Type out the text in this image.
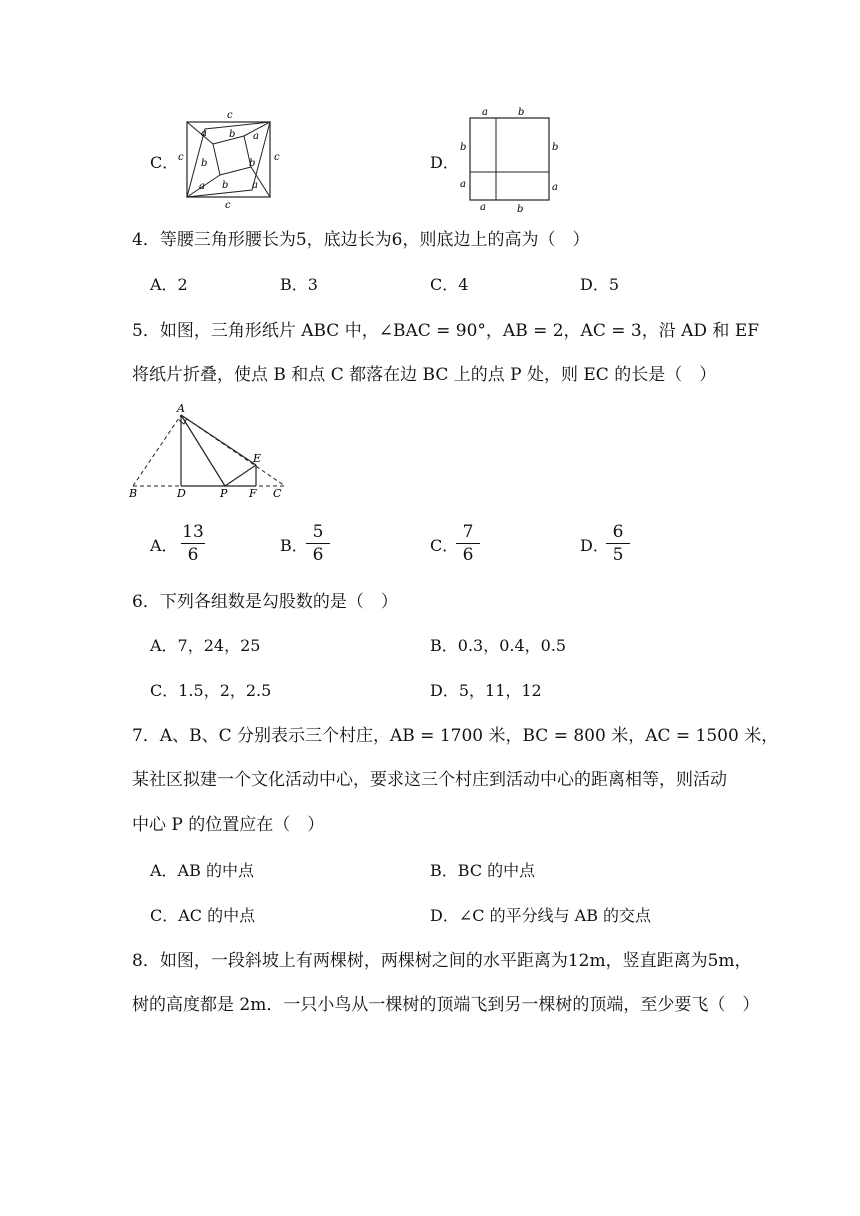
C．
c
c
c	c
a b a
b
b
a b a
D．
a	b
b	b
a	a
a	b
4．等腰三角形腰长为5，底边长为6，则底边上的高为（　）
A．2	B．3	C．4	D．5
5．如图，三角形纸片 ABC 中，∠BAC = 90°，AB = 2，AC = 3，沿 AD 和 EF
将纸片折叠，使点 B 和点 C 都落在边 BC 上的点 P 处，则 EC 的长是（　）
A
B	D	P F C
E
A．
13
6	B．
5
6	C．
7
6	D．
6
5
6．下列各组数是勾股数的是（　）
A．7，24，25	B．0.3，0.4，0.5
C．1.5，2，2.5	D．5，11，12
7．A、B、C 分别表示三个村庄，AB = 1700 米，BC = 800 米，AC = 1500 米，
某社区拟建一个文化活动中心，要求这三个村庄到活动中心的距离相等，则活动
中心 P 的位置应在（　）
A．AB 的中点	B．BC 的中点
C．AC 的中点	D．∠C 的平分线与 AB 的交点
8．如图，一段斜坡上有两棵树，两棵树之间的水平距离为12m，竖直距离为5m，
树的高度都是 2m．一只小鸟从一棵树的顶端飞到另一棵树的顶端，至少要飞（　）
